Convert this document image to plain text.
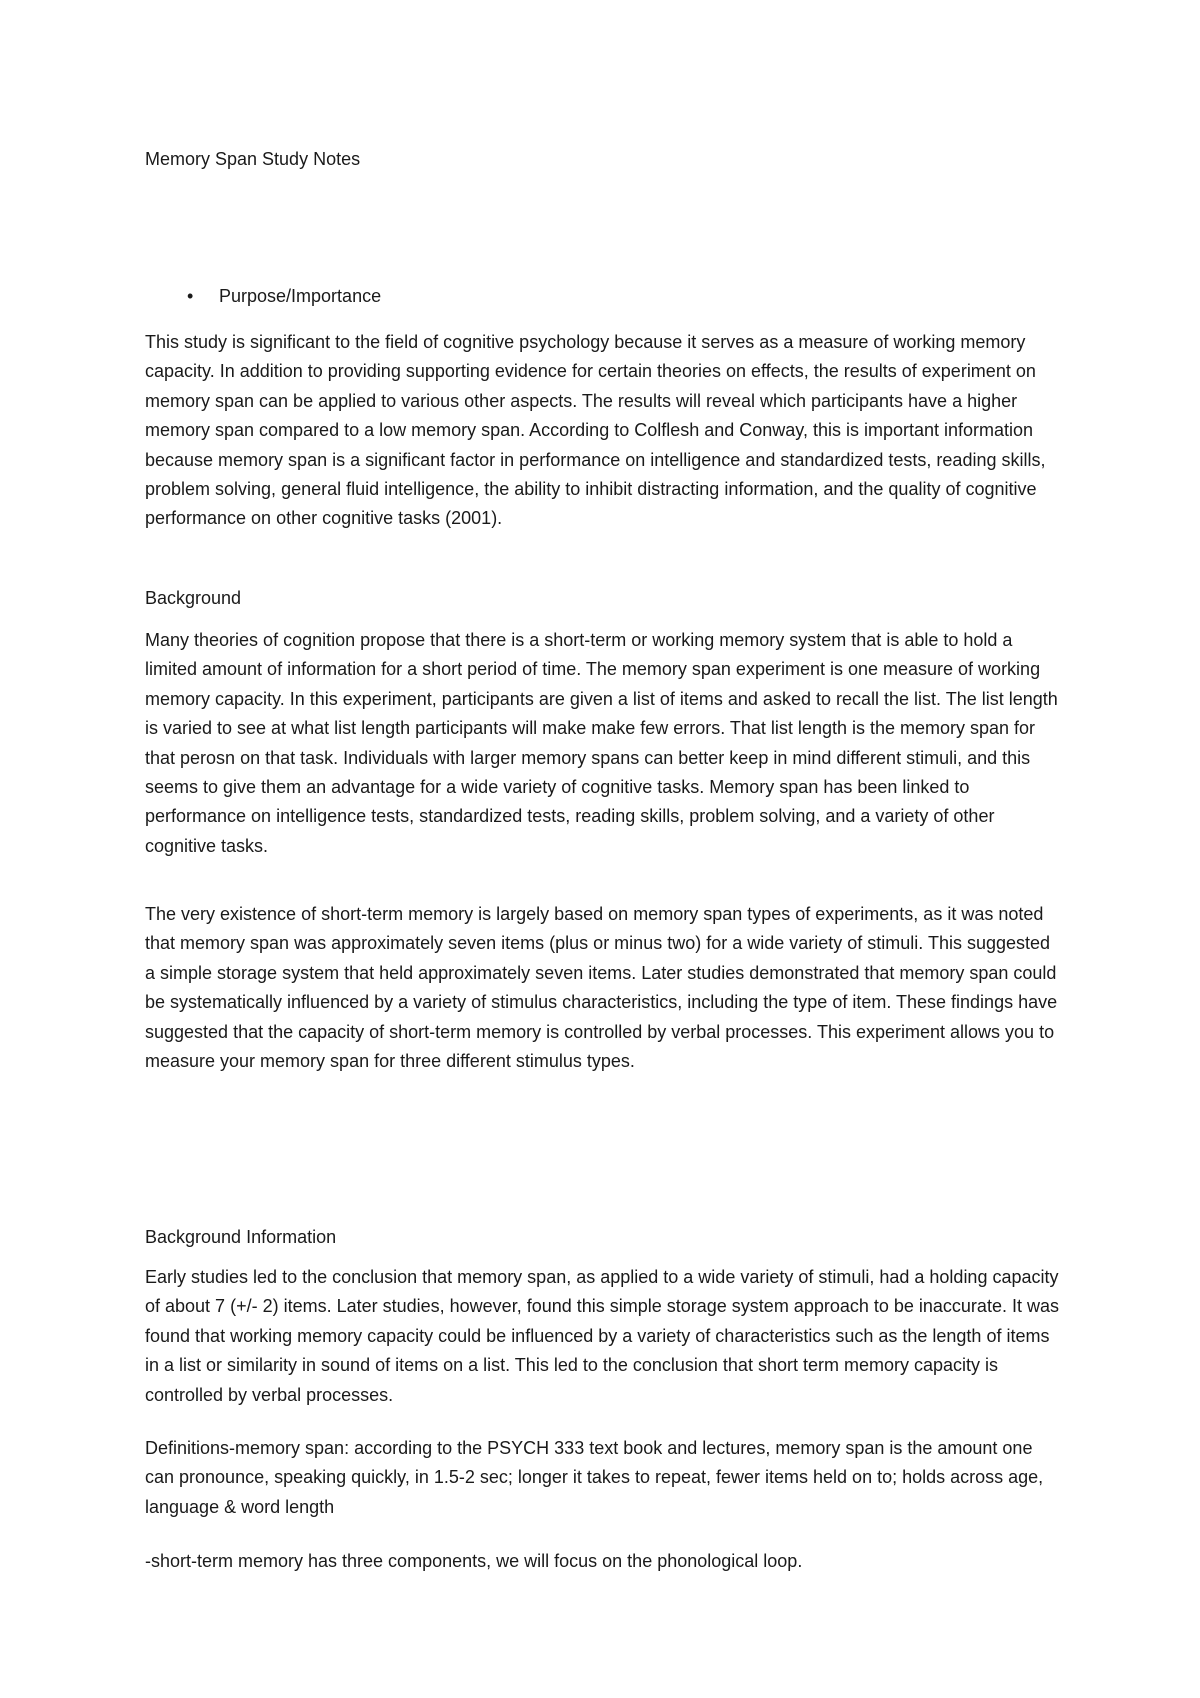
Memory Span Study Notes
• Purpose/Importance

This study is significant to the field of cognitive psychology because it serves as a measure of working memory capacity. In addition to providing supporting evidence for certain theories on effects, the results of experiment on memory span can be applied to various other aspects. The results will reveal which participants have a higher memory span compared to a low memory span. According to Colflesh and Conway, this is important information because memory span is a significant factor in performance on intelligence and standardized tests, reading skills, problem solving, general fluid intelligence, the ability to inhibit distracting information, and the quality of cognitive performance on other cognitive tasks (2001).

Background

Many theories of cognition propose that there is a short-term or working memory system that is able to hold a limited amount of information for a short period of time. The memory span experiment is one measure of working memory capacity. In this experiment, participants are given a list of items and asked to recall the list. The list length is varied to see at what list length participants will make make few errors. That list length is the memory span for that perosn on that task. Individuals with larger memory spans can better keep in mind different stimuli, and this seems to give them an advantage for a wide variety of cognitive tasks. Memory span has been linked to performance on intelligence tests, standardized tests, reading skills, problem solving, and a variety of other cognitive tasks.

The very existence of short-term memory is largely based on memory span types of experiments, as it was noted that memory span was approximately seven items (plus or minus two) for a wide variety of stimuli. This suggested a simple storage system that held approximately seven items. Later studies demonstrated that memory span could be systematically influenced by a variety of stimulus characteristics, including the type of item. These findings have suggested that the capacity of short-term memory is controlled by verbal processes. This experiment allows you to measure your memory span for three different stimulus types.

Background Information

Early studies led to the conclusion that memory span, as applied to a wide variety of stimuli, had a holding capacity of about 7 (+/- 2) items. Later studies, however, found this simple storage system approach to be inaccurate. It was found that working memory capacity could be influenced by a variety of characteristics such as the length of items in a list or similarity in sound of items on a list. This led to the conclusion that short term memory capacity is controlled by verbal processes.

Definitions-memory span: according to the PSYCH 333 text book and lectures, memory span is the amount one can pronounce, speaking quickly, in 1.5-2 sec; longer it takes to repeat, fewer items held on to; holds across age, language & word length

-short-term memory has three components, we will focus on the phonological loop.
